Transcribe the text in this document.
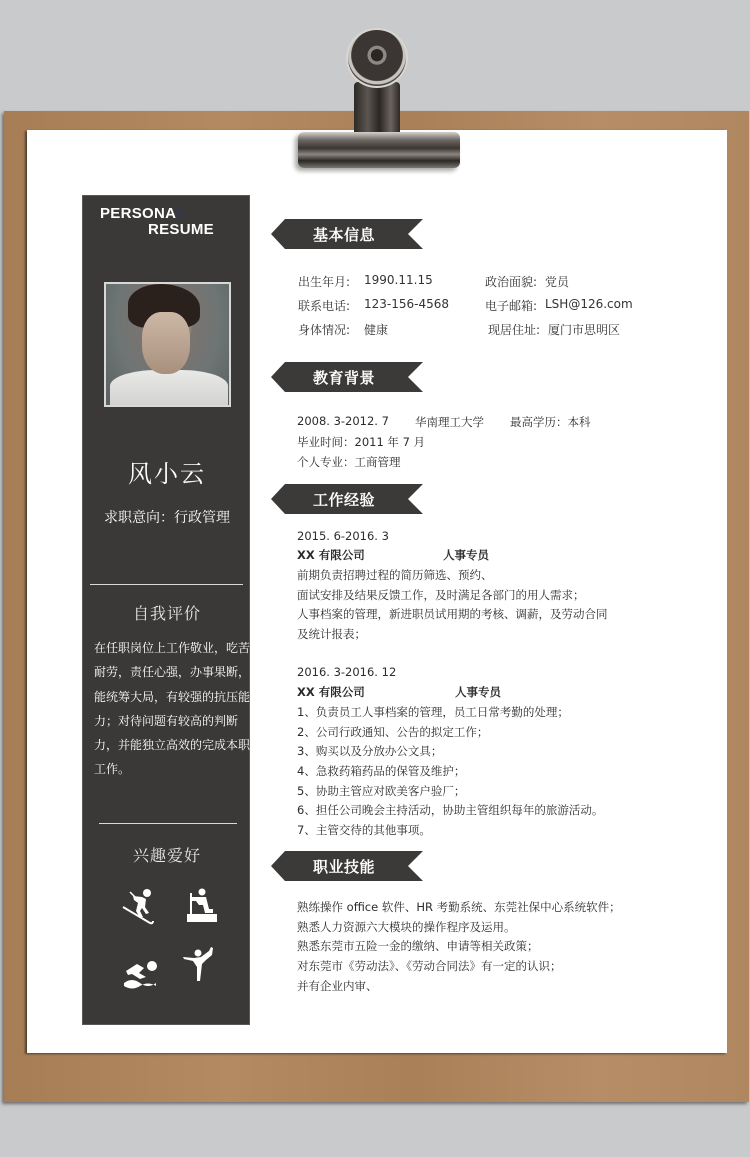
PERSONAL
RESUME
风小云
求职意向：行政管理
自我评价
在任职岗位上工作敬业，吃苦耐劳，责任心强，办事果断，能统筹大局，有较强的抗压能力；对待问题有较高的判断力，并能独立高效的完成本职工作。
兴趣爱好
基本信息
出生年月: 1990.11.15	政治面貌: 党员
联系电话: 123-156-4568	电子邮箱: LSH@126.com
身体情况: 健康	现居住址: 厦门市思明区
教育背景
2008. 3-2012. 7 华南理工大学 最高学历：本科
毕业时间：2011 年 7 月
个人专业：工商管理
工作经验
2015. 6-2016. 3
XX 有限公司	人事专员
前期负责招聘过程的简历筛选、预约、
面试安排及结果反馈工作，及时满足各部门的用人需求；
人事档案的管理，新进职员试用期的考核、调薪，及劳动合同
及统计报表；
2016. 3-2016. 12
XX 有限公司	人事专员
1、负责员工人事档案的管理，员工日常考勤的处理；
2、公司行政通知、公告的拟定工作；
3、购买以及分放办公文具；
4、急救药箱药品的保管及维护；
5、协助主管应对欧美客户验厂；
6、担任公司晚会主持活动，协助主管组织每年的旅游活动。
7、主管交待的其他事项。
职业技能
熟练操作 office 软件、HR 考勤系统、东莞社保中心系统软件；
熟悉人力资源六大模块的操作程序及运用。
熟悉东莞市五险一金的缴纳、申请等相关政策；
对东莞市《劳动法》、《劳动合同法》有一定的认识；
并有企业内审、
